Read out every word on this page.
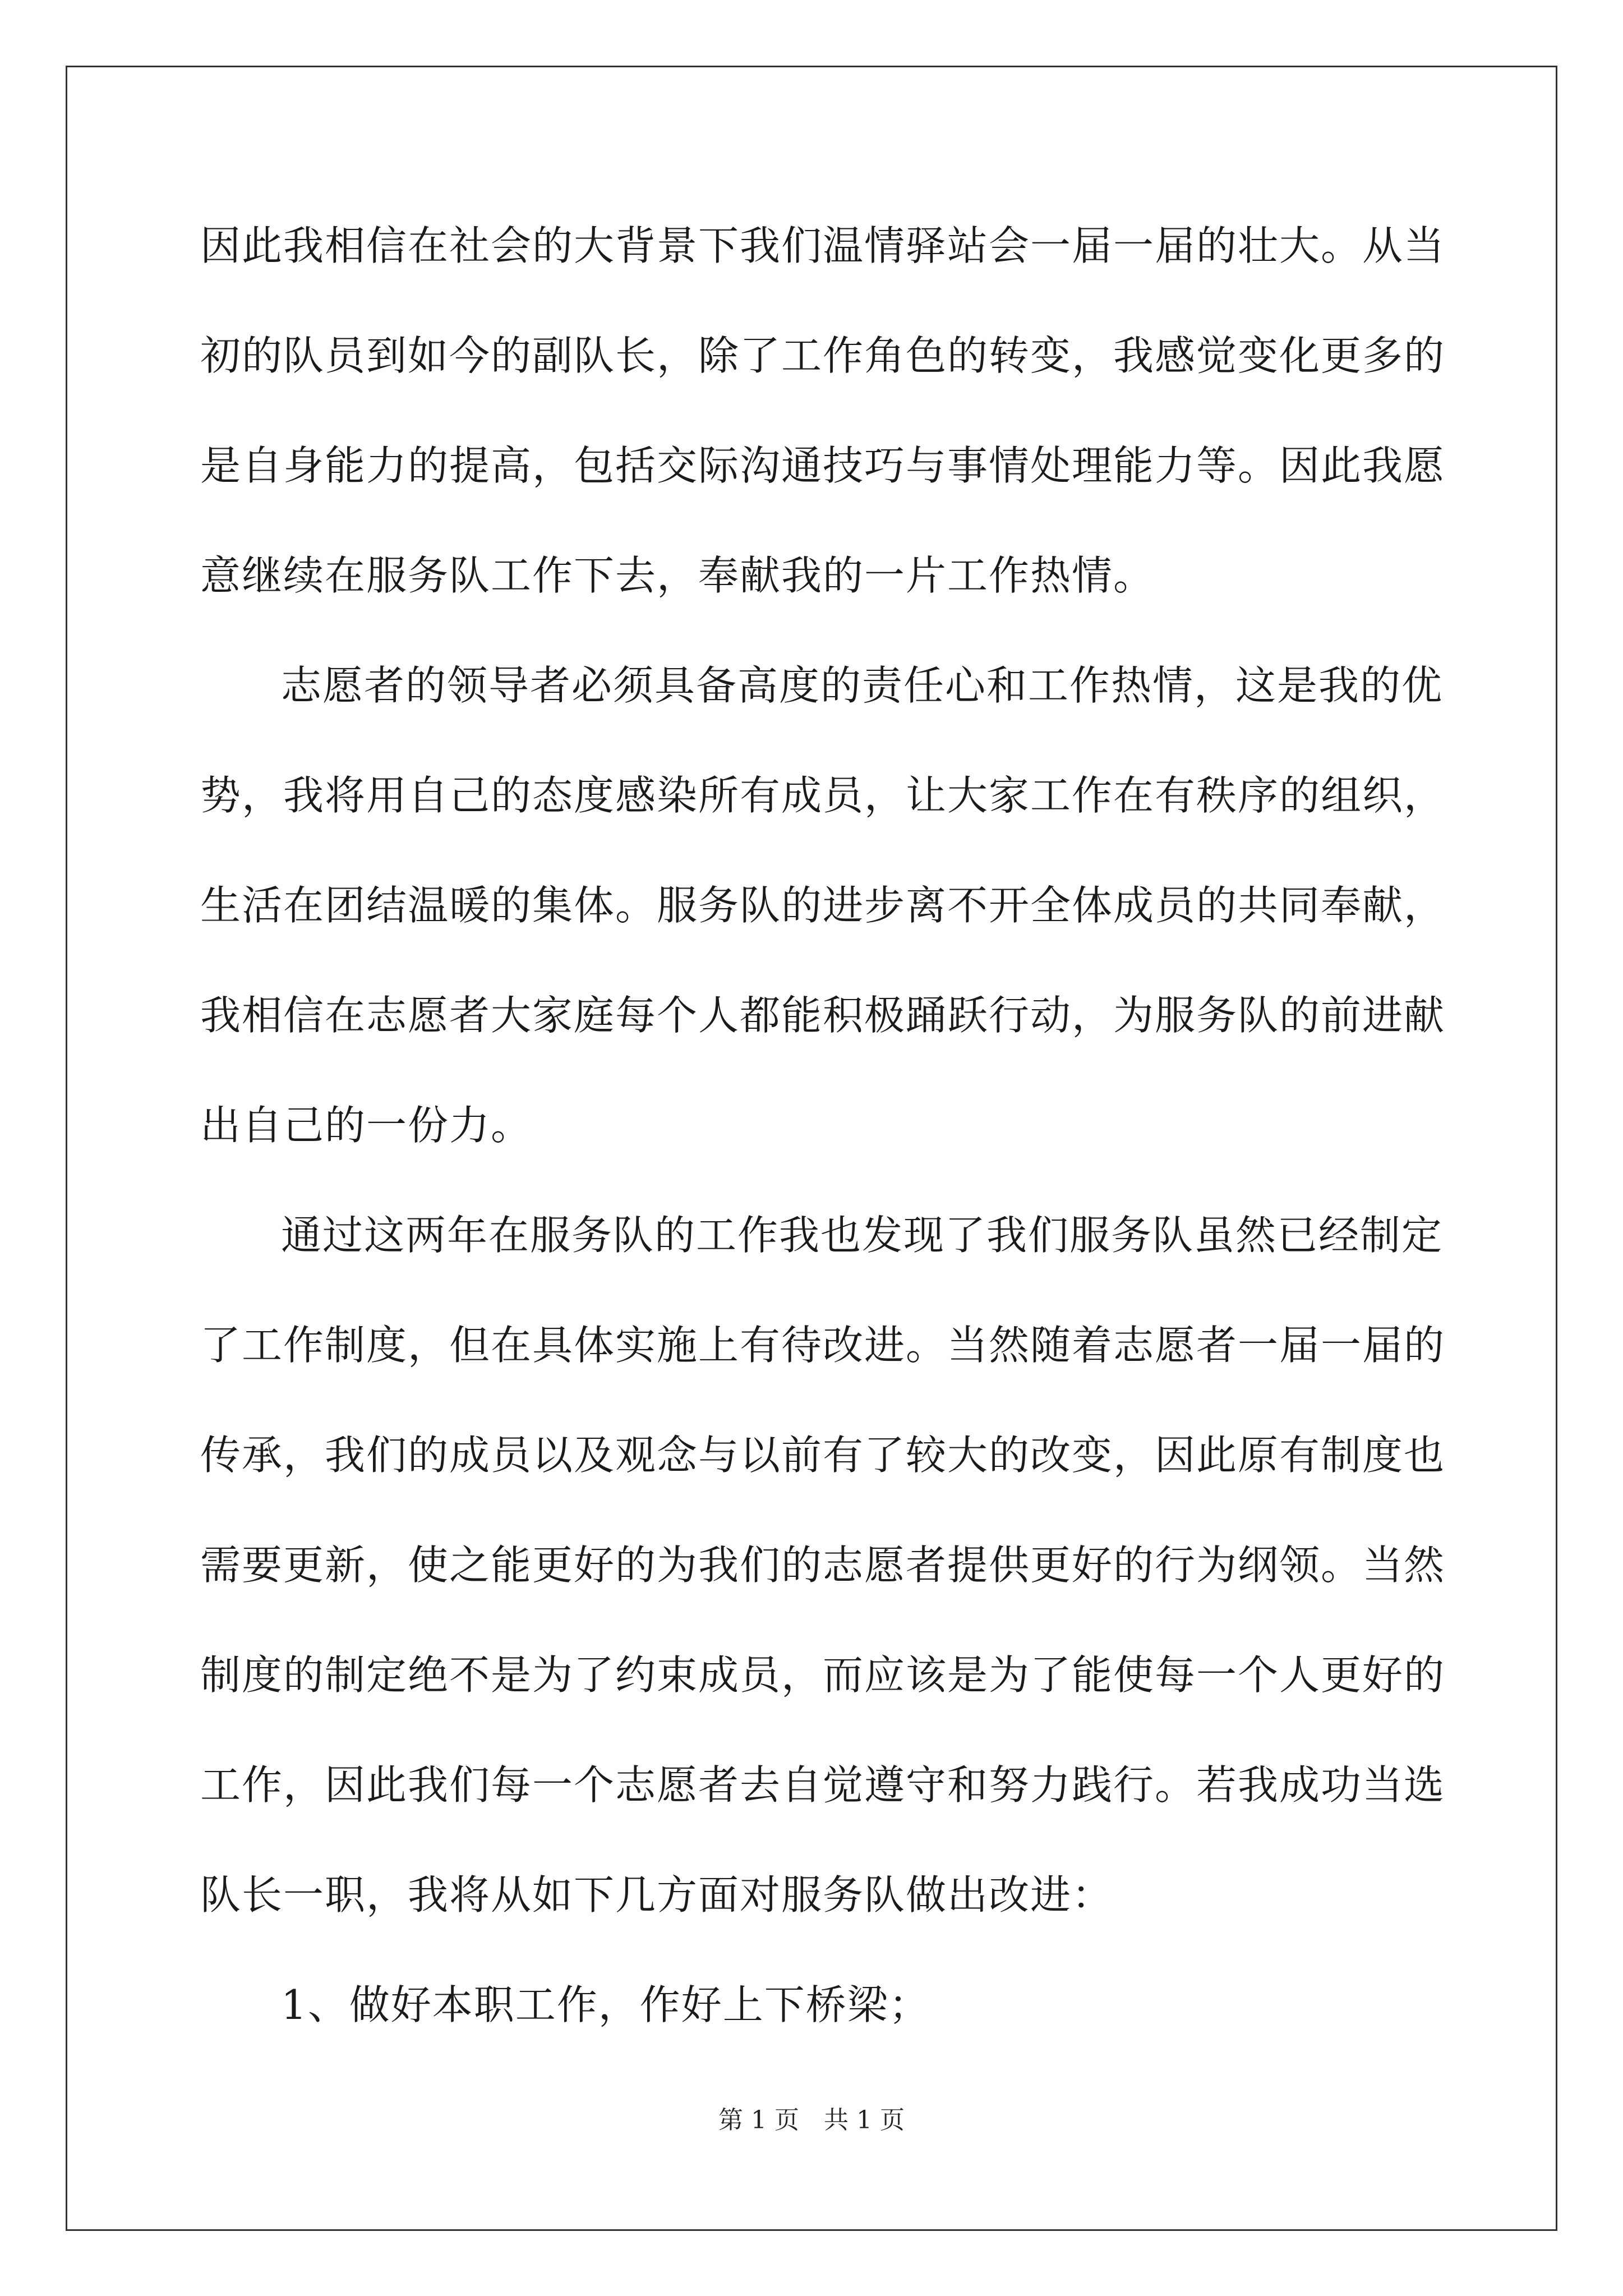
因此我相信在社会的大背景下我们温情驿站会一届一届的壮大。从当
初的队员到如今的副队长，除了工作角色的转变，我感觉变化更多的
是自身能力的提高，包括交际沟通技巧与事情处理能力等。因此我愿
意继续在服务队工作下去，奉献我的一片工作热情。
志愿者的领导者必须具备高度的责任心和工作热情，这是我的优
势，我将用自己的态度感染所有成员，让大家工作在有秩序的组织，
生活在团结温暖的集体。服务队的进步离不开全体成员的共同奉献，
我相信在志愿者大家庭每个人都能积极踊跃行动，为服务队的前进献
出自己的一份力。
通过这两年在服务队的工作我也发现了我们服务队虽然已经制定
了工作制度，但在具体实施上有待改进。当然随着志愿者一届一届的
传承，我们的成员以及观念与以前有了较大的改变，因此原有制度也
需要更新，使之能更好的为我们的志愿者提供更好的行为纲领。当然
制度的制定绝不是为了约束成员，而应该是为了能使每一个人更好的
工作，因此我们每一个志愿者去自觉遵守和努力践行。若我成功当选
队长一职，我将从如下几方面对服务队做出改进：
1、做好本职工作，作好上下桥梁；
第 1 页　共 1 页
